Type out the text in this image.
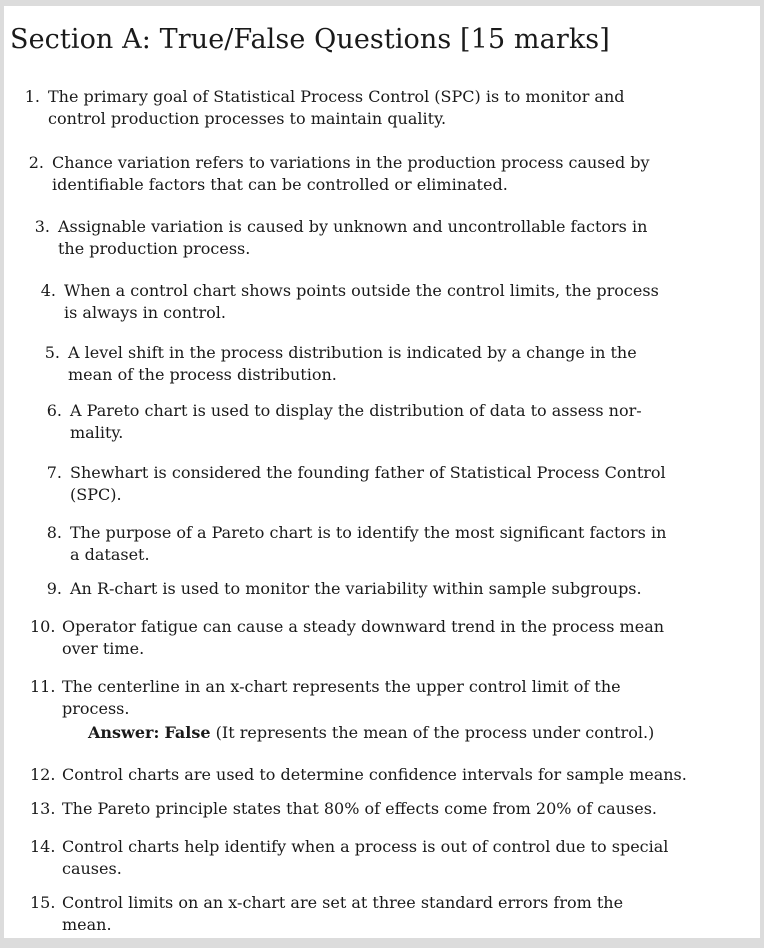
Section A: True/False Questions [15 marks]
1. The primary goal of Statistical Process Control (SPC) is to monitor and
control production processes to maintain quality.
2. Chance variation refers to variations in the production process caused by
identifiable factors that can be controlled or eliminated.
3. Assignable variation is caused by unknown and uncontrollable factors in
the production process.
4. When a control chart shows points outside the control limits, the process
is always in control.
5. A level shift in the process distribution is indicated by a change in the
mean of the process distribution.
6. A Pareto chart is used to display the distribution of data to assess nor-
mality.
7. Shewhart is considered the founding father of Statistical Process Control
(SPC).
8. The purpose of a Pareto chart is to identify the most significant factors in
a dataset.
9. An R-chart is used to monitor the variability within sample subgroups.
10. Operator fatigue can cause a steady downward trend in the process mean
over time.
11. The centerline in an x-chart represents the upper control limit of the
process.
12. Control charts are used to determine confidence intervals for sample means.
13. The Pareto principle states that 80% of effects come from 20% of causes.
14. Control charts help identify when a process is out of control due to special
causes.
15. Control limits on an x-chart are set at three standard errors from the
mean.
Answer: False (It represents the mean of the process under control.)
